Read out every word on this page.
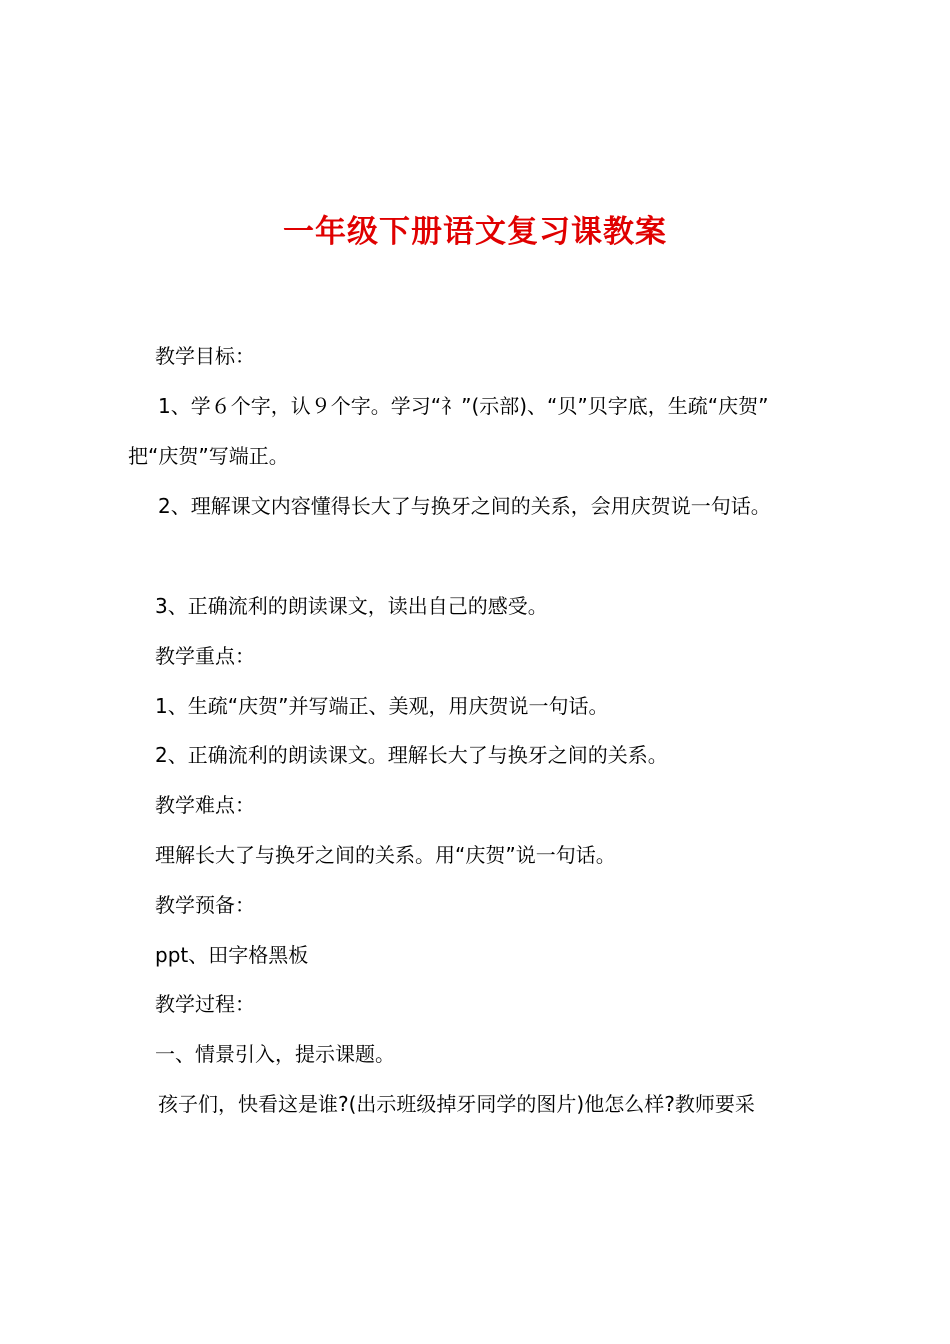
一年级下册语文复习课教案
教学目标：
1、学６个字，认９个字。学习“礻”(示部)、“贝”贝字底，生疏“庆贺”
把“庆贺”写端正。
2、理解课文内容懂得长大了与换牙之间的关系，会用庆贺说一句话。
3、正确流利的朗读课文，读出自己的感受。
教学重点：
1、生疏“庆贺”并写端正、美观，用庆贺说一句话。
2、正确流利的朗读课文。理解长大了与换牙之间的关系。
教学难点：
理解长大了与换牙之间的关系。用“庆贺”说一句话。
教学预备：
ppt、田字格黑板
教学过程：
一、情景引入，提示课题。
孩子们，快看这是谁?(出示班级掉牙同学的图片)他怎么样?教师要采
